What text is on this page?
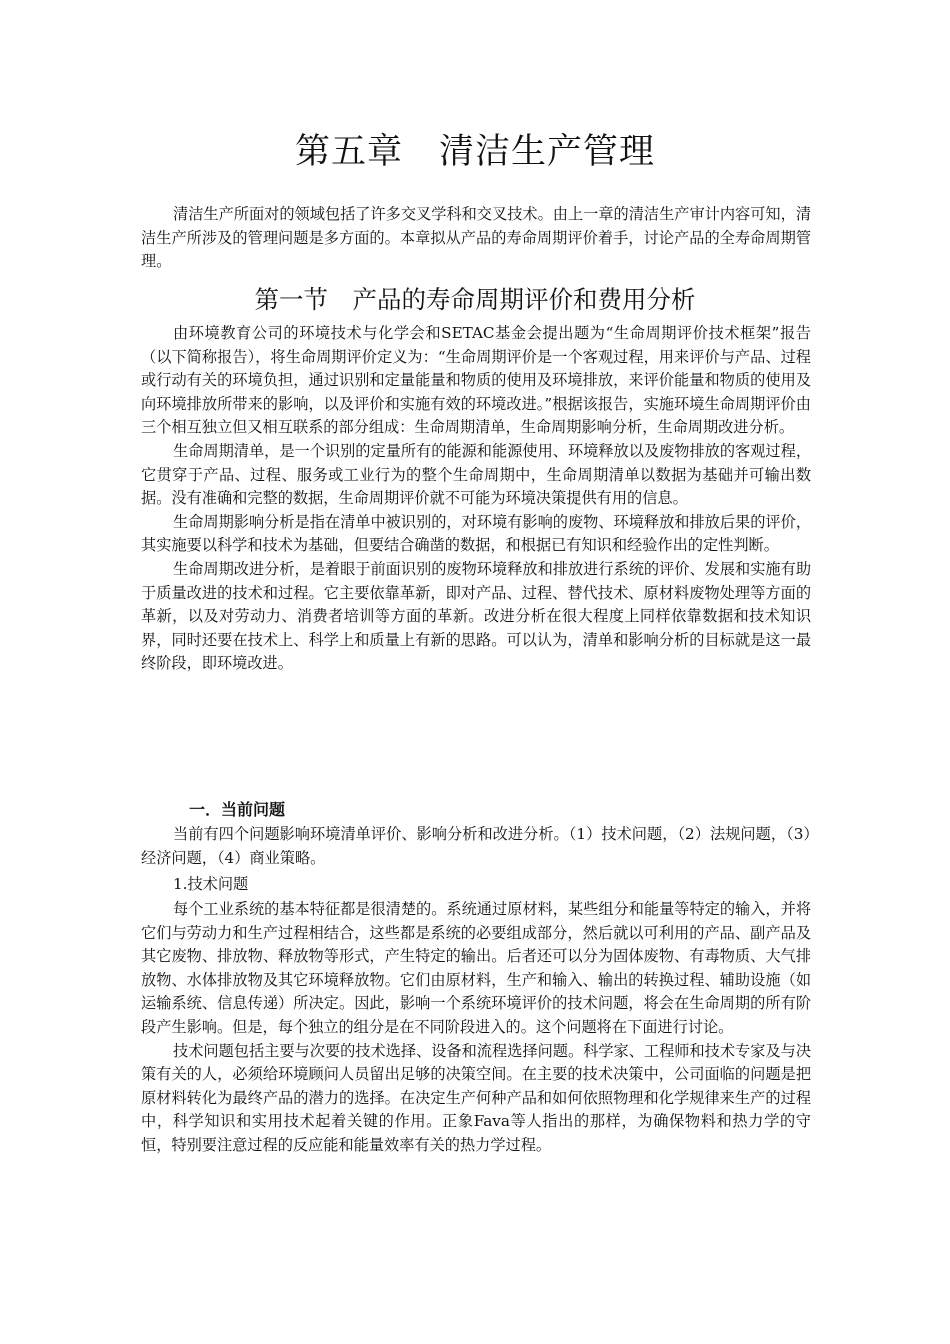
第五章　清洁生产管理

清洁生产所面对的领域包括了许多交叉学科和交叉技术。由上一章的清洁生产审计内容可知，清洁生产所涉及的管理问题是多方面的。本章拟从产品的寿命周期评价着手，讨论产品的全寿命周期管理。

第一节　产品的寿命周期评价和费用分析

由环境教育公司的环境技术与化学会和SETAC基金会提出题为“生命周期评价技术框架”报告（以下简称报告），将生命周期评价定义为：“生命周期评价是一个客观过程，用来评价与产品、过程或行动有关的环境负担，通过识别和定量能量和物质的使用及环境排放，来评价能量和物质的使用及向环境排放所带来的影响，以及评价和实施有效的环境改进。”根据该报告，实施环境生命周期评价由三个相互独立但又相互联系的部分组成：生命周期清单，生命周期影响分析，生命周期改进分析。

生命周期清单，是一个识别的定量所有的能源和能源使用、环境释放以及废物排放的客观过程，它贯穿于产品、过程、服务或工业行为的整个生命周期中，生命周期清单以数据为基础并可输出数据。没有准确和完整的数据，生命周期评价就不可能为环境决策提供有用的信息。

生命周期影响分析是指在清单中被识别的，对环境有影响的废物、环境释放和排放后果的评价，其实施要以科学和技术为基础，但要结合确凿的数据，和根据已有知识和经验作出的定性判断。

生命周期改进分析，是着眼于前面识别的废物环境释放和排放进行系统的评价、发展和实施有助于质量改进的技术和过程。它主要依靠革新，即对产品、过程、替代技术、原材料废物处理等方面的革新，以及对劳动力、消费者培训等方面的革新。改进分析在很大程度上同样依靠数据和技术知识界，同时还要在技术上、科学上和质量上有新的思路。可以认为，清单和影响分析的目标就是这一最终阶段，即环境改进。

一．当前问题

当前有四个问题影响环境清单评价、影响分析和改进分析。（1）技术问题，（2）法规问题，（3）经济问题，（4）商业策略。

1.技术问题

每个工业系统的基本特征都是很清楚的。系统通过原材料，某些组分和能量等特定的输入，并将它们与劳动力和生产过程相结合，这些都是系统的必要组成部分，然后就以可利用的产品、副产品及其它废物、排放物、释放物等形式，产生特定的输出。后者还可以分为固体废物、有毒物质、大气排放物、水体排放物及其它环境释放物。它们由原材料，生产和输入、输出的转换过程、辅助设施（如运输系统、信息传递）所决定。因此，影响一个系统环境评价的技术问题，将会在生命周期的所有阶段产生影响。但是，每个独立的组分是在不同阶段进入的。这个问题将在下面进行讨论。

技术问题包括主要与次要的技术选择、设备和流程选择问题。科学家、工程师和技术专家及与决策有关的人，必须给环境顾问人员留出足够的决策空间。在主要的技术决策中，公司面临的问题是把原材料转化为最终产品的潜力的选择。在决定生产何种产品和如何依照物理和化学规律来生产的过程中，科学知识和实用技术起着关键的作用。正象Fava等人指出的那样，为确保物料和热力学的守恒，特别要注意过程的反应能和能量效率有关的热力学过程。
